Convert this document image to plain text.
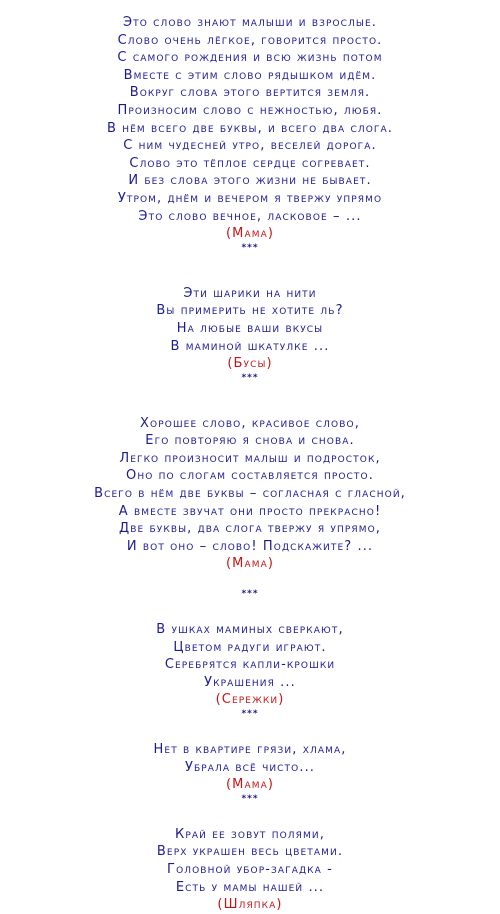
Это слово знают малыши и взрослые.
Слово очень лёгкое, говорится просто.
С самого рождения и всю жизнь потом
Вместе с этим слово рядышком идём.
Вокруг слова этого вертится земля.
Произносим слово с нежностью, любя.
В нём всего две буквы, и всего два слога.
С ним чудесней утро, веселей дорога.
Слово это тёплое сердце согревает.
И без слова этого жизни не бывает.
Утром, днём и вечером я твержу упрямо
Это слово вечное, ласковое – ...
(Мама)
***
Эти шарики на нити
Вы примерить не хотите ль?
На любые ваши вкусы
В маминой шкатулке ...
(Бусы)
***
Хорошее слово, красивое слово,
Его повторяю я снова и снова.
Легко произносит малыш и подросток,
Оно по слогам составляется просто.
Всего в нём две буквы – согласная с гласной,
А вместе звучат они просто прекрасно!
Две буквы, два слога твержу я упрямо,
И вот оно – слово! Подскажите? ...
(Мама)
***
В ушках маминых сверкают,
Цветом радуги играют.
Серебрятся капли-крошки
Украшения ...
(Сережки)
***
Нет в квартире грязи, хлама,
Убрала всё чисто...
(Мама)
***
Край ее зовут полями,
Верх украшен весь цветами.
Головной убор-загадка -
Есть у мамы нашей ...
(Шляпка)
